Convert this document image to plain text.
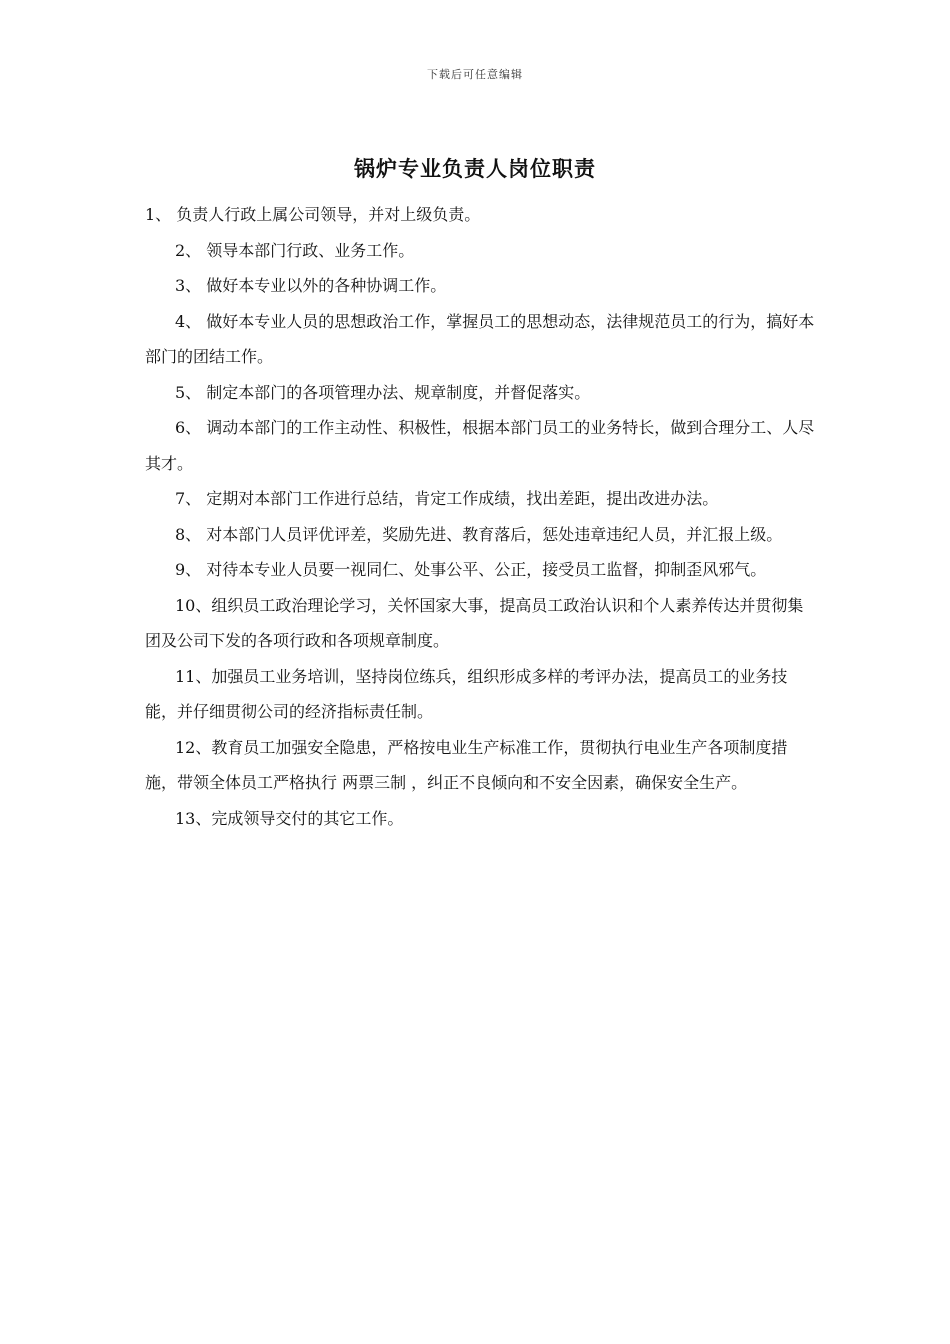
下载后可任意编辑
锅炉专业负责人岗位职责

1、 负责人行政上属公司领导，并对上级负责。

2、 领导本部门行政、业务工作。

3、 做好本专业以外的各种协调工作。

4、 做好本专业人员的思想政治工作，掌握员工的思想动态，法律规范员工的行为，搞好本部门的团结工作。

5、 制定本部门的各项管理办法、规章制度，并督促落实。

6、 调动本部门的工作主动性、积极性，根据本部门员工的业务特长，做到合理分工、人尽其才。

7、 定期对本部门工作进行总结，肯定工作成绩，找出差距，提出改进办法。

8、 对本部门人员评优评差，奖励先进、教育落后，惩处违章违纪人员，并汇报上级。

9、 对待本专业人员要一视同仁、处事公平、公正，接受员工监督，抑制歪风邪气。

10、组织员工政治理论学习，关怀国家大事，提高员工政治认识和个人素养传达并贯彻集团及公司下发的各项行政和各项规章制度。

11、加强员工业务培训，坚持岗位练兵，组织形成多样的考评办法，提高员工的业务技能，并仔细贯彻公司的经济指标责任制。

12、教育员工加强安全隐患，严格按电业生产标准工作，贯彻执行电业生产各项制度措施，带领全体员工严格执行 两票三制 ，纠正不良倾向和不安全因素，确保安全生产。

13、完成领导交付的其它工作。
